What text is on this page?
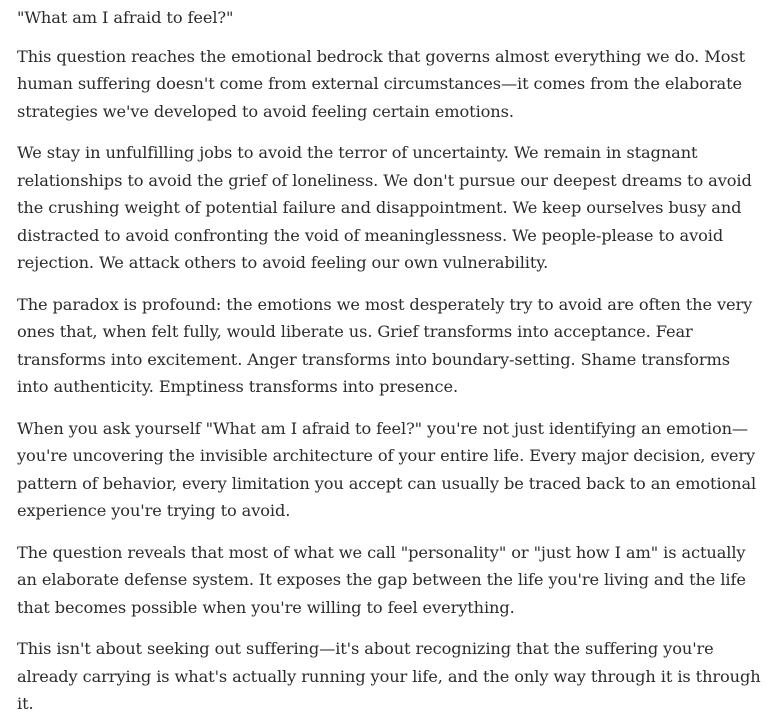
"What am I afraid to feel?"

This question reaches the emotional bedrock that governs almost everything we do. Most human suffering doesn't come from external circumstances—it comes from the elaborate strategies we've developed to avoid feeling certain emotions.

We stay in unfulfilling jobs to avoid the terror of uncertainty. We remain in stagnant relationships to avoid the grief of loneliness. We don't pursue our deepest dreams to avoid the crushing weight of potential failure and disappointment. We keep ourselves busy and distracted to avoid confronting the void of meaninglessness. We people-please to avoid rejection. We attack others to avoid feeling our own vulnerability.

The paradox is profound: the emotions we most desperately try to avoid are often the very ones that, when felt fully, would liberate us. Grief transforms into acceptance. Fear transforms into excitement. Anger transforms into boundary-setting. Shame transforms into authenticity. Emptiness transforms into presence.

When you ask yourself "What am I afraid to feel?" you're not just identifying an emotion—you're uncovering the invisible architecture of your entire life. Every major decision, every pattern of behavior, every limitation you accept can usually be traced back to an emotional experience you're trying to avoid.

The question reveals that most of what we call "personality" or "just how I am" is actually an elaborate defense system. It exposes the gap between the life you're living and the life that becomes possible when you're willing to feel everything.

This isn't about seeking out suffering—it's about recognizing that the suffering you're already carrying is what's actually running your life, and the only way through it is through it.
